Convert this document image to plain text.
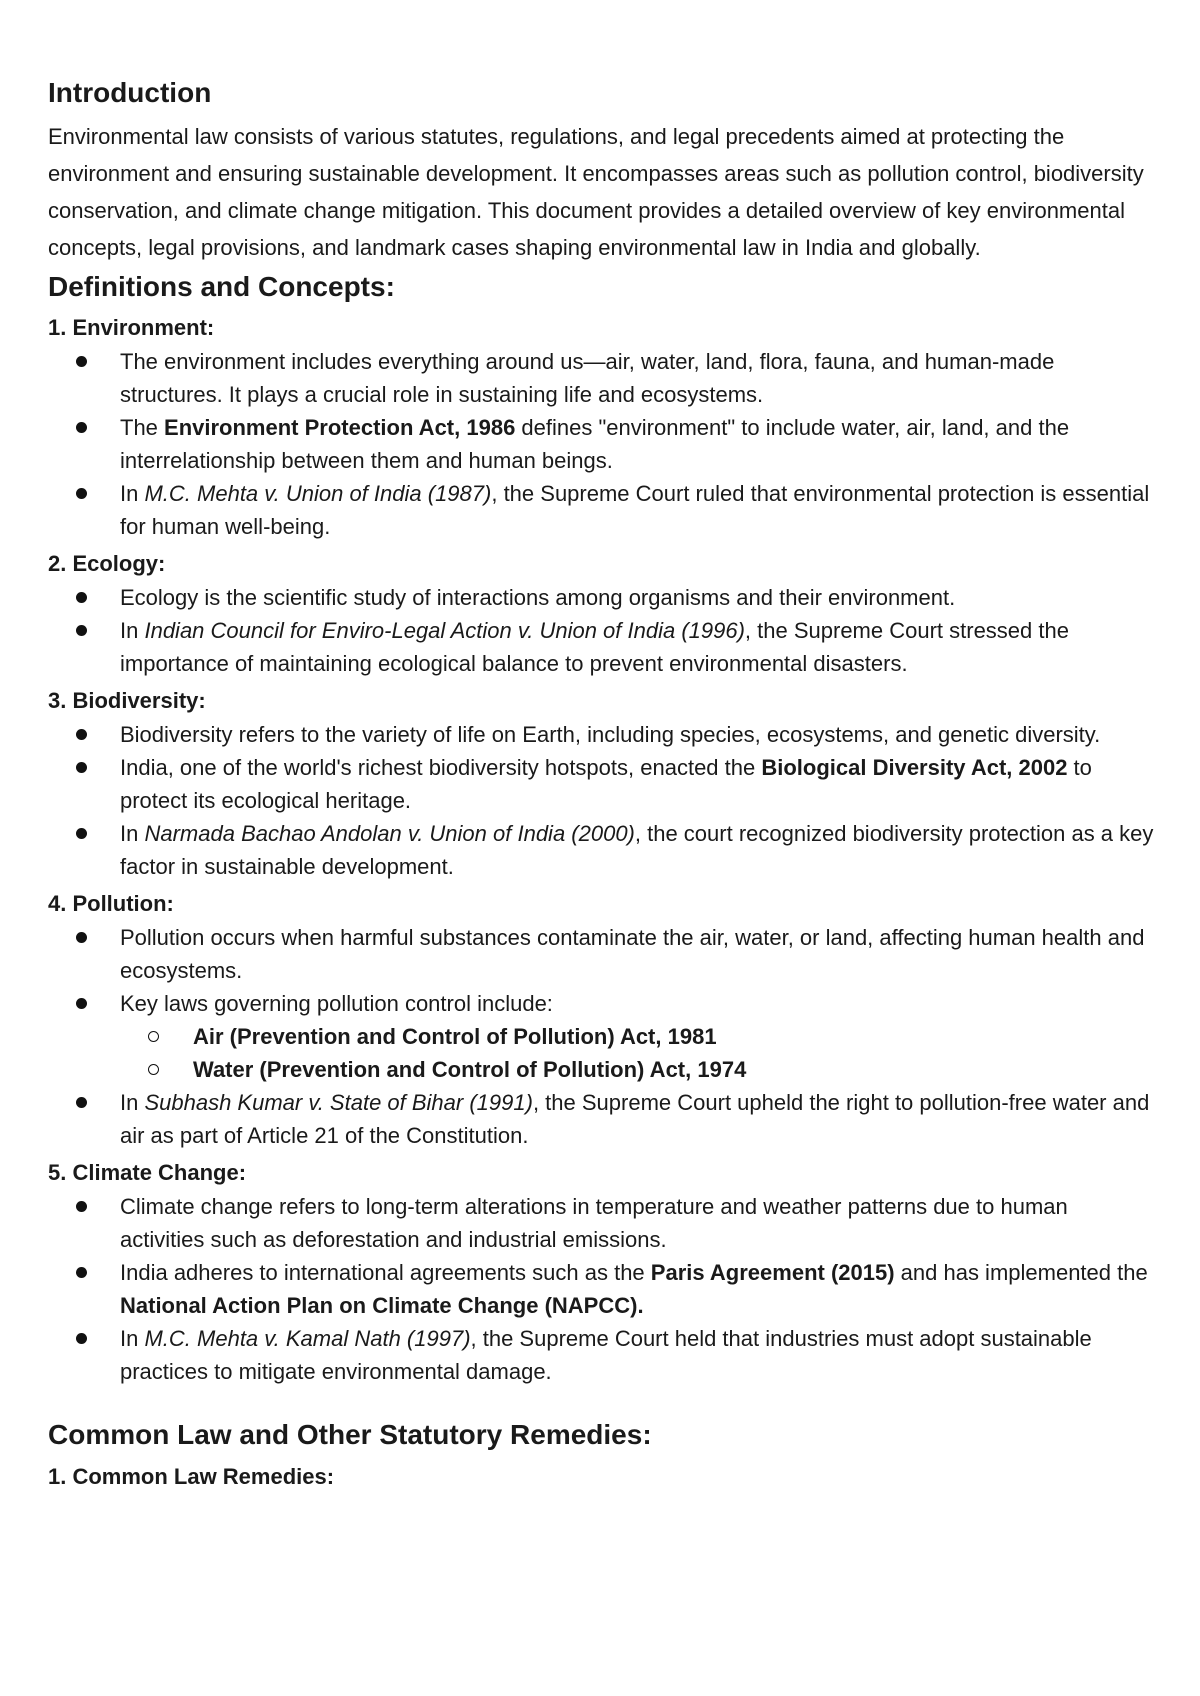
Introduction

Environmental law consists of various statutes, regulations, and legal precedents aimed at protecting the environment and ensuring sustainable development. It encompasses areas such as pollution control, biodiversity conservation, and climate change mitigation. This document provides a detailed overview of key environmental concepts, legal provisions, and landmark cases shaping environmental law in India and globally.

Definitions and Concepts:
1. Environment:
The environment includes everything around us—air, water, land, flora, fauna, and human-made structures. It plays a crucial role in sustaining life and ecosystems.
The Environment Protection Act, 1986 defines "environment" to include water, air, land, and the interrelationship between them and human beings.
In M.C. Mehta v. Union of India (1987), the Supreme Court ruled that environmental protection is essential for human well-being.
2. Ecology:
Ecology is the scientific study of interactions among organisms and their environment.
In Indian Council for Enviro-Legal Action v. Union of India (1996), the Supreme Court stressed the importance of maintaining ecological balance to prevent environmental disasters.
3. Biodiversity:
Biodiversity refers to the variety of life on Earth, including species, ecosystems, and genetic diversity.
India, one of the world's richest biodiversity hotspots, enacted the Biological Diversity Act, 2002 to protect its ecological heritage.
In Narmada Bachao Andolan v. Union of India (2000), the court recognized biodiversity protection as a key factor in sustainable development.
4. Pollution:
Pollution occurs when harmful substances contaminate the air, water, or land, affecting human health and ecosystems.
Key laws governing pollution control include:
Air (Prevention and Control of Pollution) Act, 1981
Water (Prevention and Control of Pollution) Act, 1974
In Subhash Kumar v. State of Bihar (1991), the Supreme Court upheld the right to pollution-free water and air as part of Article 21 of the Constitution.
5. Climate Change:
Climate change refers to long-term alterations in temperature and weather patterns due to human activities such as deforestation and industrial emissions.
India adheres to international agreements such as the Paris Agreement (2015) and has implemented the National Action Plan on Climate Change (NAPCC).
In M.C. Mehta v. Kamal Nath (1997), the Supreme Court held that industries must adopt sustainable practices to mitigate environmental damage.
Common Law and Other Statutory Remedies:
1. Common Law Remedies:
